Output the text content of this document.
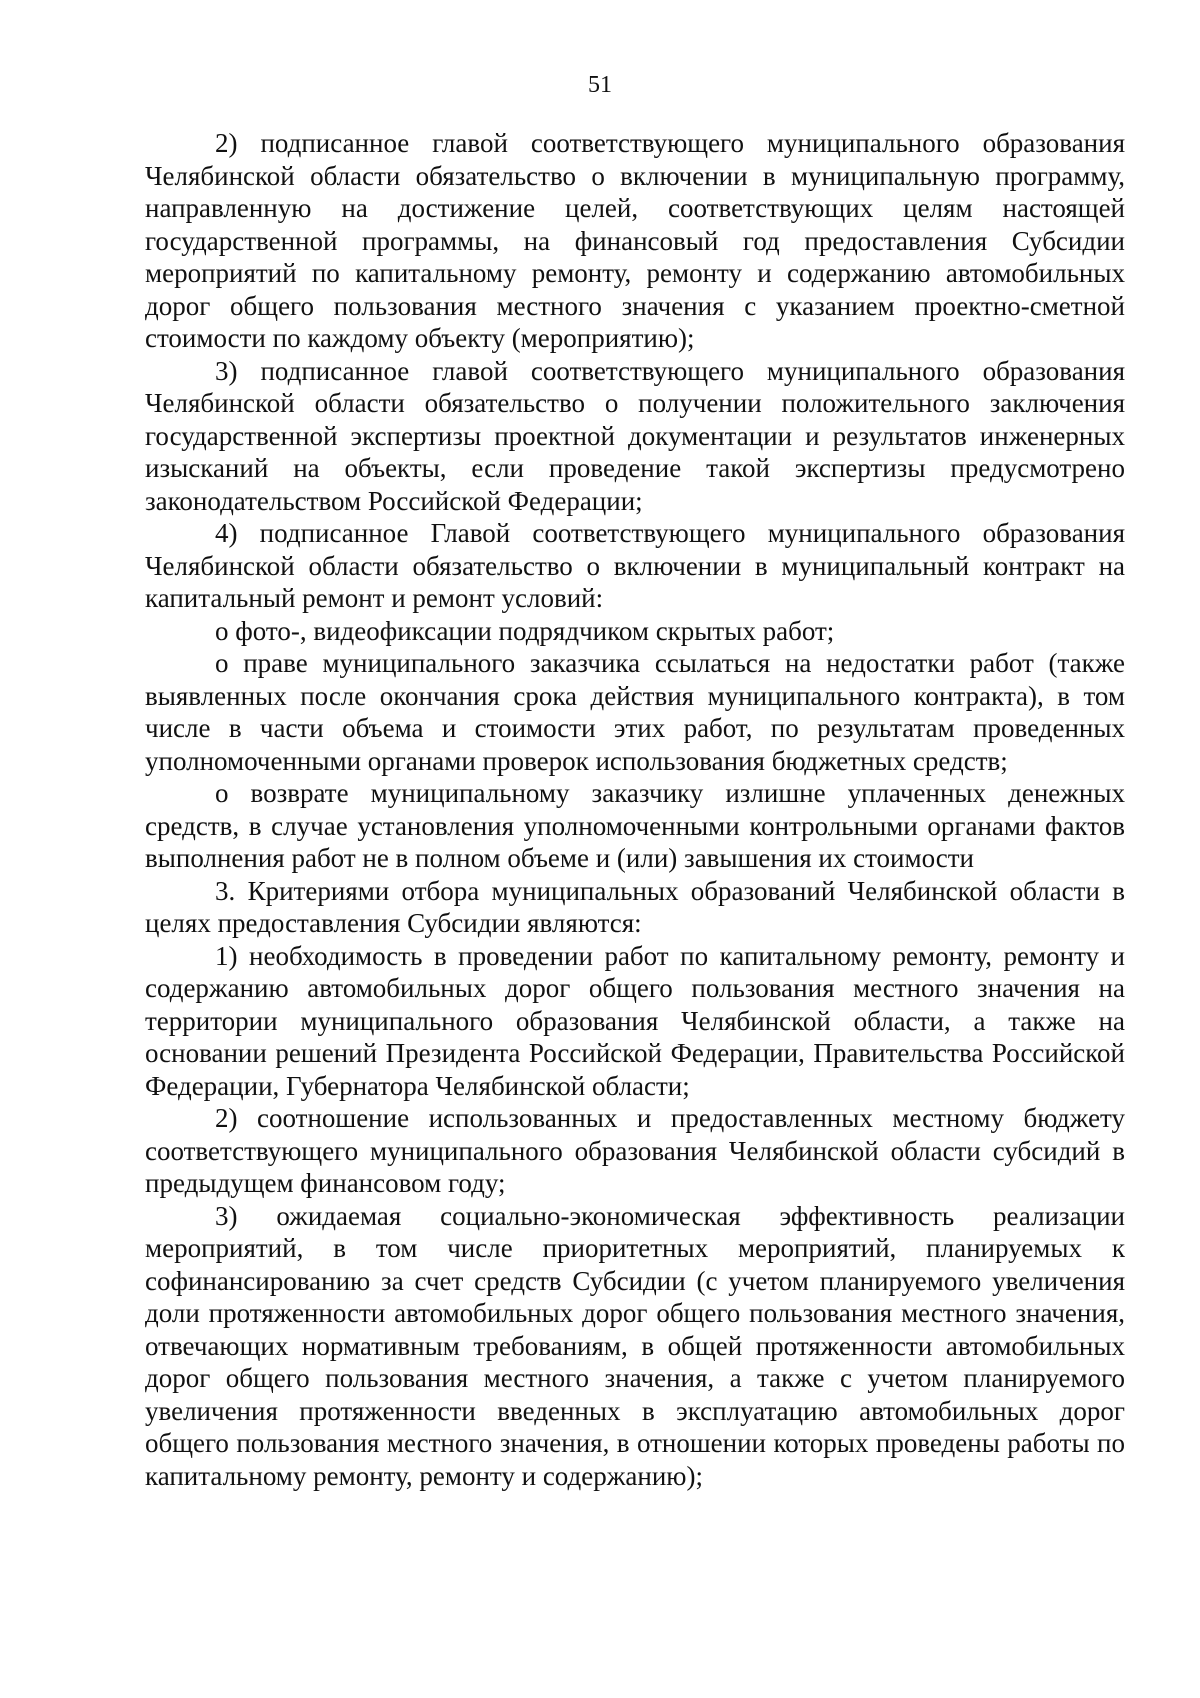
51

2) подписанное главой соответствующего муниципального образования Челябинской области обязательство о включении в муниципальную программу, направленную на достижение целей, соответствующих целям настоящей государственной программы, на финансовый год предоставления Субсидии мероприятий по капитальному ремонту, ремонту и содержанию автомобильных дорог общего пользования местного значения с указанием проектно-сметной стоимости по каждому объекту (мероприятию);

3) подписанное главой соответствующего муниципального образования Челябинской области обязательство о получении положительного заключения государственной экспертизы проектной документации и результатов инженерных изысканий на объекты, если проведение такой экспертизы предусмотрено законодательством Российской Федерации;

4) подписанное Главой соответствующего муниципального образования Челябинской области обязательство о включении в муниципальный контракт на капитальный ремонт и ремонт условий:

о фото-, видеофиксации подрядчиком скрытых работ;

о праве муниципального заказчика ссылаться на недостатки работ (также выявленных после окончания срока действия муниципального контракта), в том числе в части объема и стоимости этих работ, по результатам проведенных уполномоченными органами проверок использования бюджетных средств;

о возврате муниципальному заказчику излишне уплаченных денежных средств, в случае установления уполномоченными контрольными органами фактов выполнения работ не в полном объеме и (или) завышения их стоимости

3. Критериями отбора муниципальных образований Челябинской области в целях предоставления Субсидии являются:

1) необходимость в проведении работ по капитальному ремонту, ремонту и содержанию автомобильных дорог общего пользования местного значения на территории муниципального образования Челябинской области, а также на основании решений Президента Российской Федерации, Правительства Российской Федерации, Губернатора Челябинской области;

2) соотношение использованных и предоставленных местному бюджету соответствующего муниципального образования Челябинской области субсидий в предыдущем финансовом году;

3) ожидаемая социально-экономическая эффективность реализации мероприятий, в том числе приоритетных мероприятий, планируемых к софинансированию за счет средств Субсидии (с учетом планируемого увеличения доли протяженности автомобильных дорог общего пользования местного значения, отвечающих нормативным требованиям, в общей протяженности автомобильных дорог общего пользования местного значения, а также с учетом планируемого увеличения протяженности введенных в эксплуатацию автомобильных дорог общего пользования местного значения, в отношении которых проведены работы по капитальному ремонту, ремонту и содержанию);
